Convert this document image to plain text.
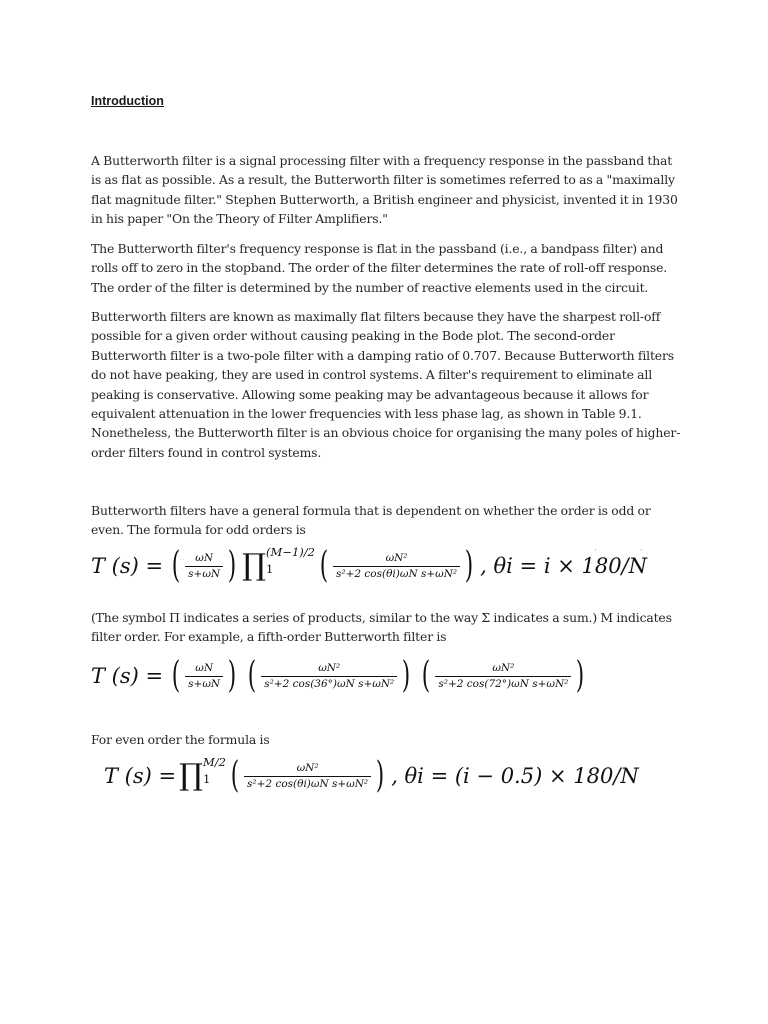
Introduction

A Butterworth filter is a signal processing filter with a frequency response in the passband that is as flat as possible. As a result, the Butterworth filter is sometimes referred to as a "maximally flat magnitude filter." Stephen Butterworth, a British engineer and physicist, invented it in 1930 in his paper "On the Theory of Filter Amplifiers."

The Butterworth filter's frequency response is flat in the passband (i.e., a bandpass filter) and rolls off to zero in the stopband. The order of the filter determines the rate of roll-off response. The order of the filter is determined by the number of reactive elements used in the circuit.

Butterworth filters are known as maximally flat filters because they have the sharpest roll-off possible for a given order without causing peaking in the Bode plot. The second-order Butterworth filter is a two-pole filter with a damping ratio of 0.707. Because Butterworth filters do not have peaking, they are used in control systems. A filter's requirement to eliminate all peaking is conservative. Allowing some peaking may be advantageous because it allows for equivalent attenuation in the lower frequencies with less phase lag, as shown in Table 9.1. Nonetheless, the Butterworth filter is an obvious choice for organising the many poles of higher-order filters found in control systems.

Butterworth filters have a general formula that is dependent on whether the order is odd or even. The formula for odd orders is

· ·
T (s) = ( $\frac{\omega N}{s+\omega N}$ ) ∏ (M−1)/2
1	( $\frac{\text{ωN²}}{\text{s²+2 cos(θi)ωN s+ωN²}}$ ) , θi = i × 180/N

(The symbol Π indicates a series of products, similar to the way Σ indicates a sum.) M indicates filter order. For example, a fifth-order Butterworth filter is

T (s) = ( $\frac{\omega N}{s+\omega N}$ ) ( $\frac{\text{ωN²}}{\text{s²+2 cos(36°)ωN s+ωN²}}$ ) ( $\frac{\text{ωN²}}{\text{s²+2 cos(72°)ωN s+ωN²}}$ )

For even order the formula is

T (s) = ∏ M/2
1 ( $\frac{\text{ωN²}}{\text{s²+2 cos(θi)ωN s+ωN²}}$ ) , θi = (i − 0.5) × 180/N
